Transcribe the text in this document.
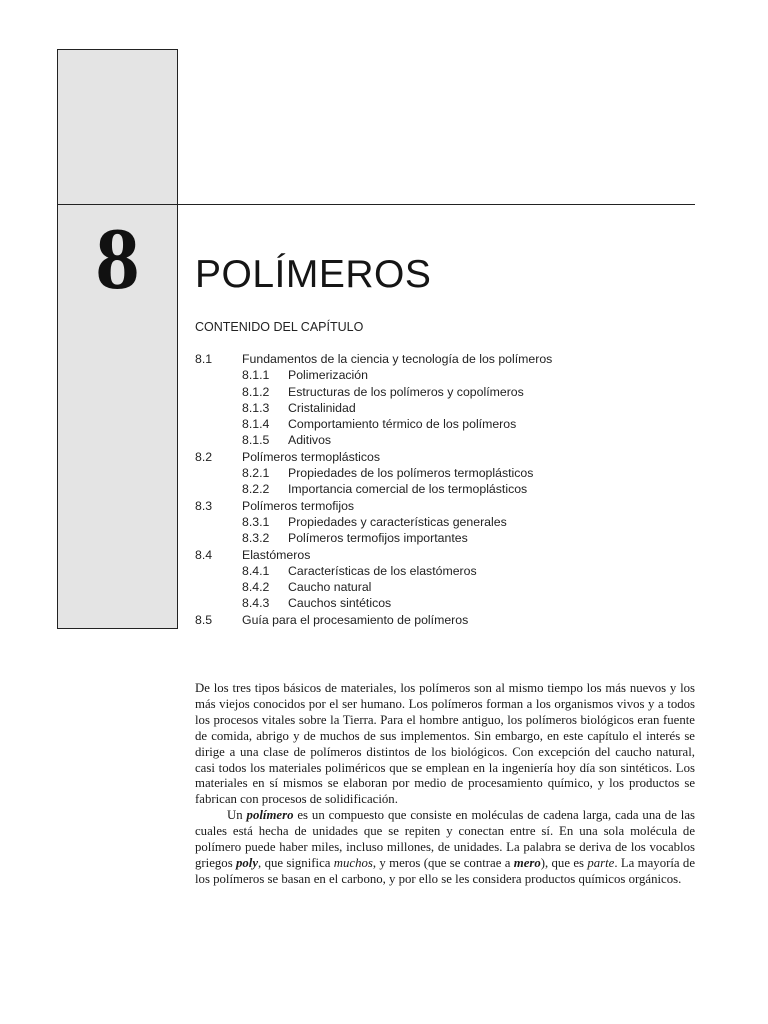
8	POLÍMEROS
CONTENIDO DEL CAPÍTULO
8.1 Fundamentos de la ciencia y tecnología de los polímeros
8.1.1 Polimerización
8.1.2 Estructuras de los polímeros y copolímeros
8.1.3 Cristalinidad
8.1.4 Comportamiento térmico de los polímeros
8.1.5 Aditivos
8.2 Polímeros termoplásticos
8.2.1 Propiedades de los polímeros termoplásticos
8.2.2 Importancia comercial de los termoplásticos
8.3 Polímeros termofijos
8.3.1 Propiedades y características generales
8.3.2 Polímeros termofijos importantes
8.4 Elastómeros
8.4.1 Características de los elastómeros
8.4.2 Caucho natural
8.4.3 Cauchos sintéticos
8.5 Guía para el procesamiento de polímeros

De los tres tipos básicos de materiales, los polímeros son al mismo tiempo los más nuevos y los más viejos conocidos por el ser humano. Los polímeros forman a los organismos vivos y a todos los procesos vitales sobre la Tierra. Para el hombre antiguo, los polímeros biológicos eran fuente de comida, abrigo y de muchos de sus implementos. Sin embargo, en este capítulo el interés se dirige a una clase de polímeros distintos de los biológicos. Con excepción del caucho natural, casi todos los materiales poliméricos que se emplean en la ingeniería hoy día son sintéticos. Los materiales en sí mismos se elaboran por medio de procesamiento químico, y los productos se fabrican con procesos de solidificación.

Un polímero es un compuesto que consiste en moléculas de cadena larga, cada una de las cuales está hecha de unidades que se repiten y conectan entre sí. En una sola molécula de polímero puede haber miles, incluso millones, de unidades. La palabra se deriva de los vocablos griegos poly, que significa muchos, y meros (que se contrae a mero), que es parte. La mayoría de los polímeros se basan en el carbono, y por ello se les considera productos químicos orgánicos.
